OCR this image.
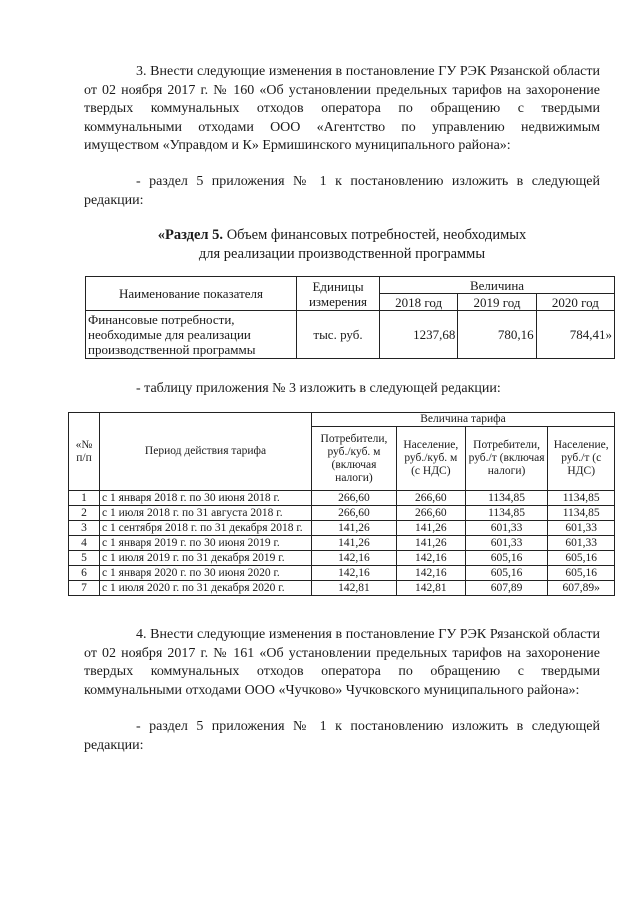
3. Внести следующие изменения в постановление ГУ РЭК Рязанской области от 02 ноября 2017 г. № 160 «Об установлении предельных тарифов на захоронение твердых коммунальных отходов оператора по обращению с твердыми коммунальными отходами ООО «Агентство по управлению недвижимым имуществом «Управдом и К» Ермишинского муниципального района»:
- раздел 5 приложения № 1 к постановлению изложить в следующей редакции:
«Раздел 5. Объем финансовых потребностей, необходимых
для реализации производственной программы
Наименование показателя	Единицы измерения	Величина		
		2018 год	2019 год	2020 год
Финансовые потребности, необходимые для реализации производственной программы	тыс. руб.	1237,68	780,16	784,41»
- таблицу приложения № 3 изложить в следующей редакции:
«№ п/п	Период действия тарифа	Величина тарифа			
		Потребители, руб./куб. м (включая налоги)	Население, руб./куб. м (с НДС)	Потребители, руб./т (включая налоги)	Население, руб./т (с НДС)
1	с 1 января 2018 г. по 30 июня 2018 г.	266,60	266,60	1134,85	1134,85
2	с 1 июля 2018 г. по 31 августа 2018 г.	266,60	266,60	1134,85	1134,85
3	с 1 сентября 2018 г. по 31 декабря 2018 г.	141,26	141,26	601,33	601,33
4	с 1 января 2019 г. по 30 июня 2019 г.	141,26	141,26	601,33	601,33
5	с 1 июля 2019 г. по 31 декабря 2019 г.	142,16	142,16	605,16	605,16
6	с 1 января 2020 г. по 30 июня 2020 г.	142,16	142,16	605,16	605,16
7	с 1 июля 2020 г. по 31 декабря 2020 г.	142,81	142,81	607,89	607,89»
4. Внести следующие изменения в постановление ГУ РЭК Рязанской области от 02 ноября 2017 г. № 161 «Об установлении предельных тарифов на захоронение твердых коммунальных отходов оператора по обращению с твердыми коммунальными отходами ООО «Чучково» Чучковского муниципального района»:
- раздел 5 приложения № 1 к постановлению изложить в следующей редакции:
